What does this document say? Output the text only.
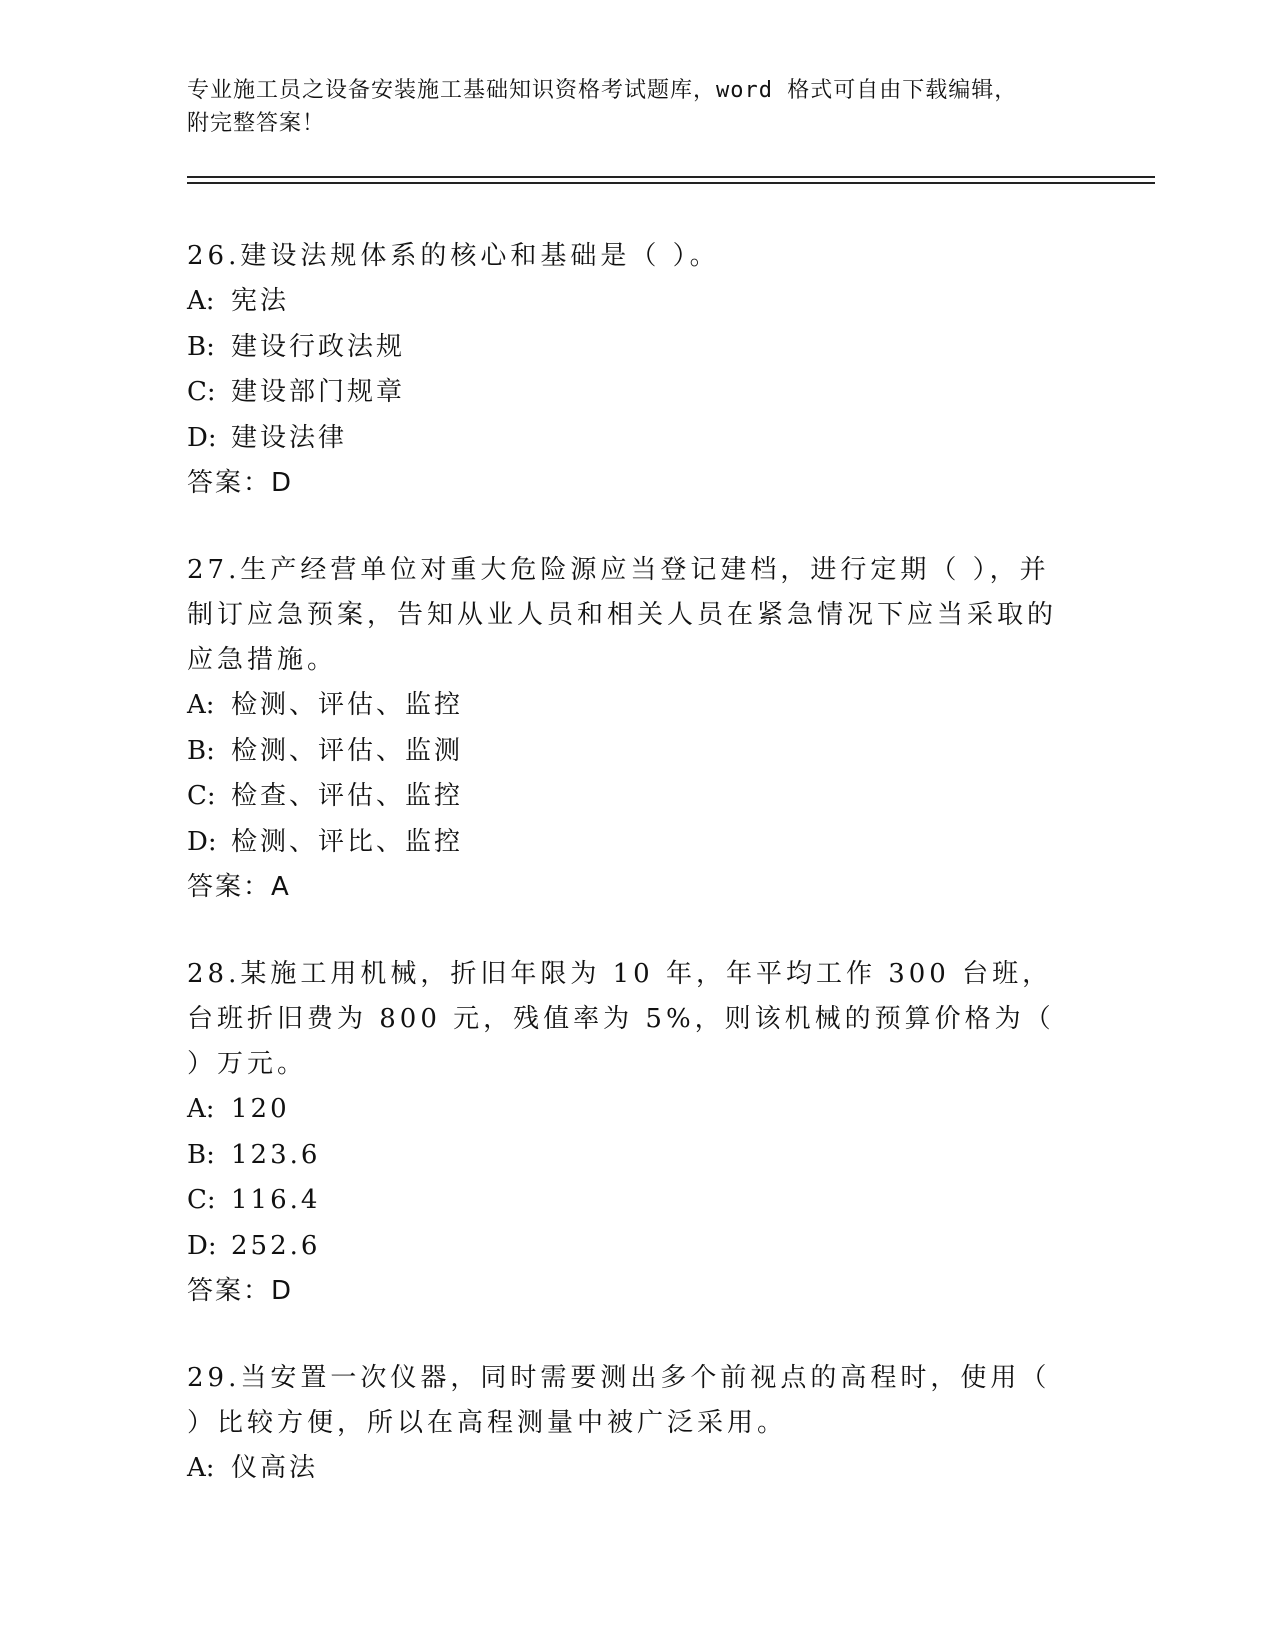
专业施工员之设备安装施工基础知识资格考试题库，word 格式可自由下载编辑，
附完整答案！

26.建设法规体系的核心和基础是（ ）。

A: 宪法

B: 建设行政法规

C: 建设部门规章

D: 建设法律

答案：D

27.生产经营单位对重大危险源应当登记建档，进行定期（ ），并制订应急预案，告知从业人员和相关人员在紧急情况下应当采取的应急措施。

A: 检测、评估、监控

B: 检测、评估、监测

C: 检查、评估、监控

D: 检测、评比、监控

答案：A

28.某施工用机械，折旧年限为 10 年，年平均工作 300 台班，台班折旧费为 800 元，残值率为 5%，则该机械的预算价格为（ ）万元。

A: 120

B: 123.6

C: 116.4

D: 252.6

答案：D

29.当安置一次仪器，同时需要测出多个前视点的高程时，使用（ ）比较方便，所以在高程测量中被广泛采用。

A: 仪高法
